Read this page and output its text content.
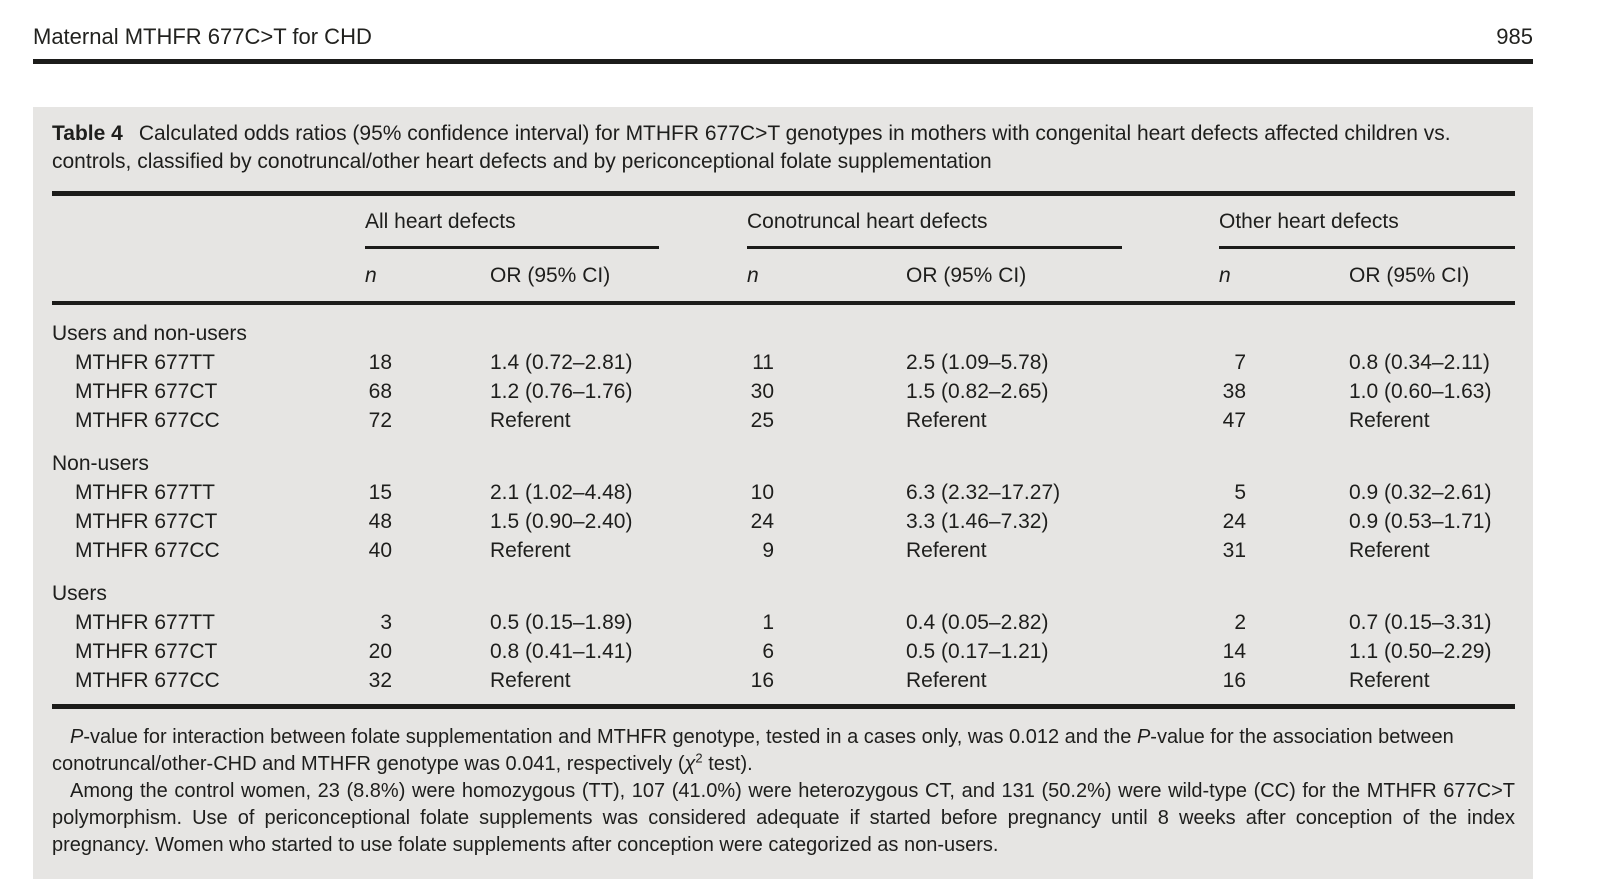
Maternal MTHFR 677C>T for CHD	985

Table 4 Calculated odds ratios (95% confidence interval) for MTHFR 677C>T genotypes in mothers with congenital heart defects affected children vs. controls, classified by conotruncal/other heart defects and by periconceptional folate supplementation

	All heart defects		Conotruncal heart defects		Other heart defects	

	n	OR (95% CI)	n	OR (95% CI)	n	OR (95% CI)
Users and non-users						
MTHFR 677TT	18	1.4 (0.72–2.81)	11	2.5 (1.09–5.78)	7	0.8 (0.34–2.11)
MTHFR 677CT	68	1.2 (0.76–1.76)	30	1.5 (0.82–2.65)	38	1.0 (0.60–1.63)
MTHFR 677CC	72	Referent	25	Referent	47	Referent
Non-users						
MTHFR 677TT	15	2.1 (1.02–4.48)	10	6.3 (2.32–17.27)	5	0.9 (0.32–2.61)
MTHFR 677CT	48	1.5 (0.90–2.40)	24	3.3 (1.46–7.32)	24	0.9 (0.53–1.71)
MTHFR 677CC	40	Referent	9	Referent	31	Referent
Users						
MTHFR 677TT	3	0.5 (0.15–1.89)	1	0.4 (0.05–2.82)	2	0.7 (0.15–3.31)
MTHFR 677CT	20	0.8 (0.41–1.41)	6	0.5 (0.17–1.21)	14	1.1 (0.50–2.29)
MTHFR 677CC	32	Referent	16	Referent	16	Referent

P-value for interaction between folate supplementation and MTHFR genotype, tested in a cases only, was 0.012 and the P-value for the association between conotruncal/other-CHD and MTHFR genotype was 0.041, respectively ($\chi^2$ test).

Among the control women, 23 (8.8%) were homozygous (TT), 107 (41.0%) were heterozygous CT, and 131 (50.2%) were wild-type (CC) for the MTHFR 677C>T polymorphism. Use of periconceptional folate supplements was considered adequate if started before pregnancy until 8 weeks after conception of the index pregnancy. Women who started to use folate supplements after conception were categorized as non-users.
